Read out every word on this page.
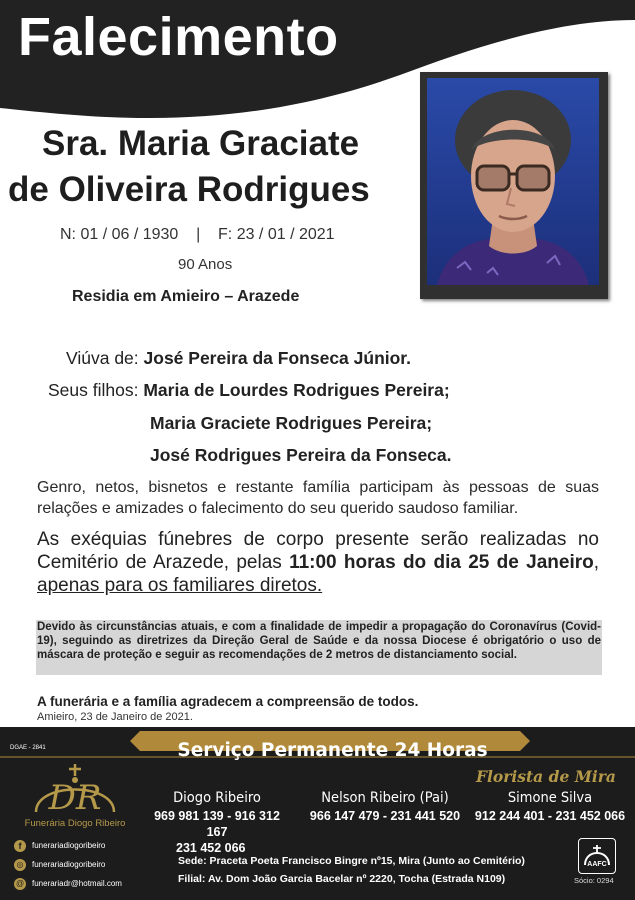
Falecimento
Sra. Maria Graciate
de Oliveira Rodrigues
N: 01 / 06 / 1930    |    F: 23 / 01 / 2021
90 Anos
Residia em Amieiro – Arazede
Viúva de: José Pereira da Fonseca Júnior.
Seus filhos: Maria de Lourdes Rodrigues Pereira;
Maria Graciete Rodrigues Pereira;
José Rodrigues Pereira da Fonseca.
Genro, netos, bisnetos e restante família participam às pessoas de suas relações e amizades o falecimento do seu querido saudoso familiar.
As exéquias fúnebres de corpo presente serão realizadas no Cemitério de Arazede, pelas 11:00 horas do dia 25 de Janeiro, apenas para os familiares diretos.
Devido às circunstâncias atuais, e com a finalidade de impedir a propagação do Coronavírus (Covid-19), seguindo as diretrizes da Direção Geral de Saúde e da nossa Diocese é obrigatório o uso de máscara de proteção e seguir as recomendações de 2 metros de distanciamento social.
A funerária e a família agradecem a compreensão de todos.
Amieiro, 23 de Janeiro de 2021.
DGAE - 2841	Serviço Permanente 24 Horas
DR
Funerária Diogo Ribeiro
f	funerariadiogoribeiro
◎	funerariadiogoribeiro
@ funerariadr@hotmail.com
Florista de Mira
Diogo Ribeiro
969 981 139 - 916 312 167
231 452 066
Nelson Ribeiro (Pai)
966 147 479 - 231 441 520
Simone Silva
912 244 401 - 231 452 066
Sede: Praceta Poeta Francisco Bingre nº15, Mira (Junto ao Cemitério)
Filial: Av. Dom João Garcia Bacelar nº 2220, Tocha (Estrada N109)
AAFC
Sócio: 0294
